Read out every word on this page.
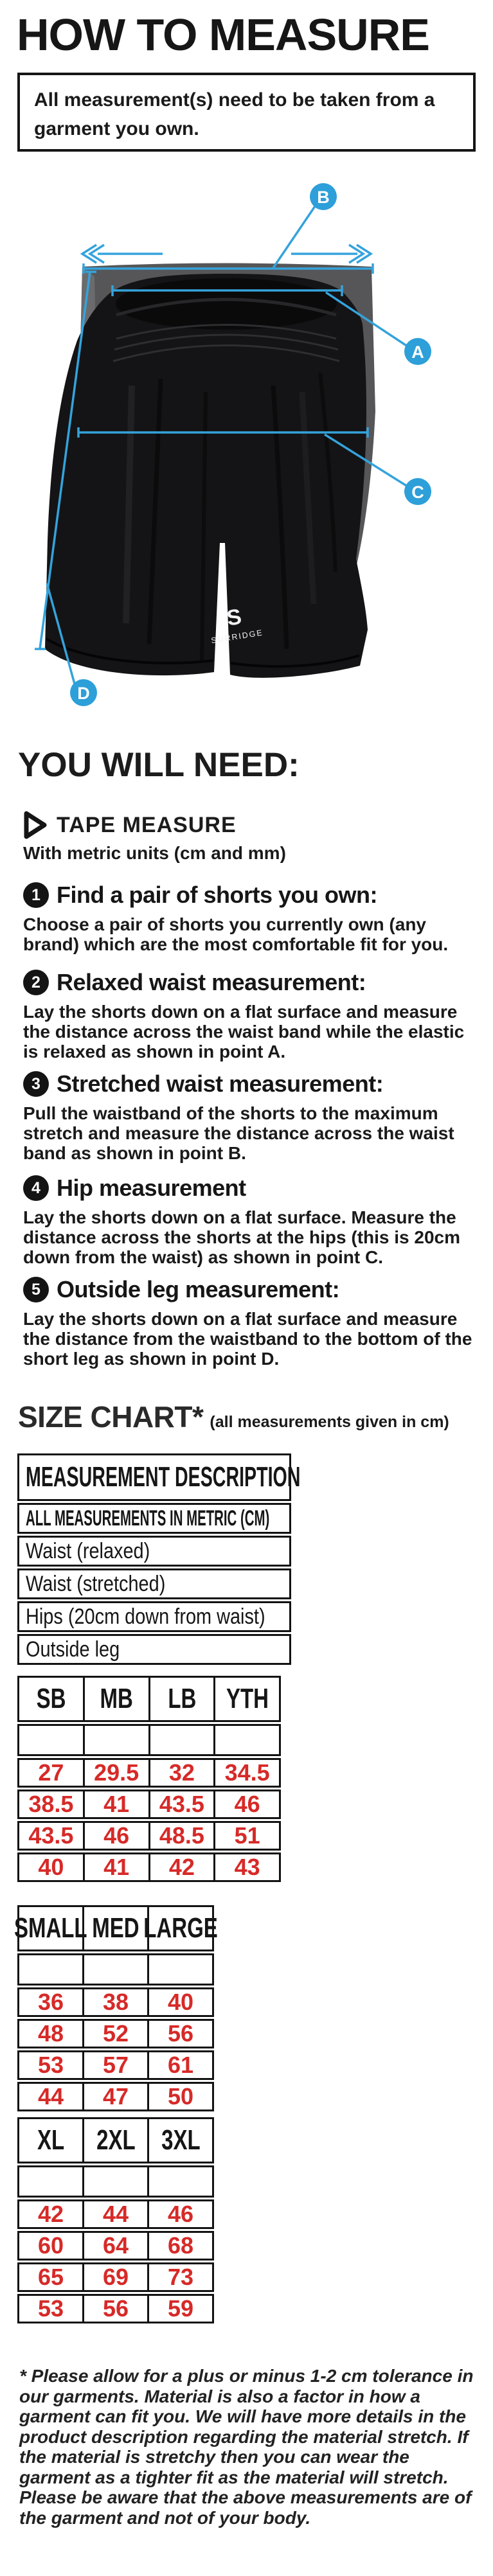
HOW TO MEASURE

All measurement(s) need to be taken from a garment you own.

S
SURRIDGE
B
A
C
D
YOU WILL NEED:
TAPE MEASURE
With metric units (cm and mm)
1 Find a pair of shorts you own:

Choose a pair of shorts you currently own (any brand) which are the most comfortable fit for you.

2 Relaxed waist measurement:

Lay the shorts down on a flat surface and measure the distance across the waist band while the elastic is relaxed as shown in point A.

3 Stretched waist measurement:

Pull the waistband of the shorts to the maximum stretch and measure the distance across the waist band as shown in point B.

4 Hip measurement

Lay the shorts down on a flat surface. Measure the distance across the shorts at the hips (this is 20cm down from the waist) as shown in point C.

5 Outside leg measurement:

Lay the shorts down on a flat surface and measure the distance from the waistband to the bottom of the short leg as shown in point D.

SIZE CHART* (all measurements given in cm)
MEASUREMENT DESCRIPTION
ALL MEASUREMENTS IN METRIC (CM)
Waist (relaxed)
Waist (stretched)
Hips (20cm down from waist)
Outside leg
SB MB LB YTH
27 29.5 32 34.5
38.5 41 43.5 46
43.5 46 48.5 51
40 41 42 43
SMALL MED LARGE
36 38 40
48 52 56
53 57 61
44 47 50
XL 2XL 3XL
42 44 46
60 64 68
65 69 73
53 56 59

* Please allow for a plus or minus 1-2 cm tolerance in our garments. Material is also a factor in how a garment can fit you. We will have more details in the product description regarding the material stretch. If the material is stretchy then you can wear the garment as a tighter fit as the material will stretch. Please be aware that the above measurements are of the garment and not of your body.
